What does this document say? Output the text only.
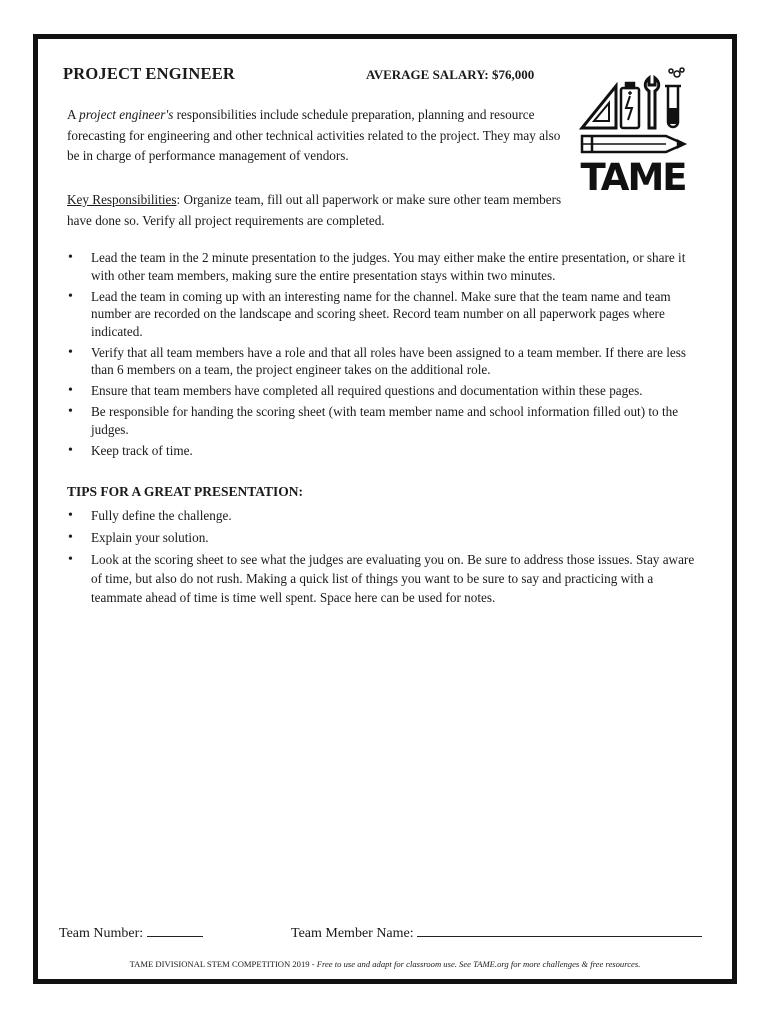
PROJECT ENGINEER	AVERAGE SALARY: $76,000
A project engineer's responsibilities include schedule preparation, planning and resource forecasting for engineering and other technical activities related to the project. They may also be in charge of performance management of vendors.
Key Responsibilities: Organize team, fill out all paperwork or make sure other team members have done so. Verify all project requirements are completed.
• Lead the team in the 2 minute presentation to the judges. You may either make the entire presentation, or share it with other team members, making sure the entire presentation stays within two minutes.
• Lead the team in coming up with an interesting name for the channel. Make sure that the team name and team number are recorded on the landscape and scoring sheet. Record team number on all paperwork pages where indicated.
• Verify that all team members have a role and that all roles have been assigned to a team member. If there are less than 6 members on a team, the project engineer takes on the additional role.
• Ensure that team members have completed all required questions and documentation within these pages.
• Be responsible for handing the scoring sheet (with team member name and school information filled out) to the judges.
• Keep track of time.
TIPS FOR A GREAT PRESENTATION:
• Fully define the challenge.
• Explain your solution.
• Look at the scoring sheet to see what the judges are evaluating you on. Be sure to address those issues. Stay aware of time, but also do not rush. Making a quick list of things you want to be sure to say and practicing with a teammate ahead of time is time well spent. Space here can be used for notes.
TAME
Team Number:	Team Member Name:
TAME DIVISIONAL STEM COMPETITION 2019 - Free to use and adapt for classroom use. See TAME.org for more challenges & free resources.
